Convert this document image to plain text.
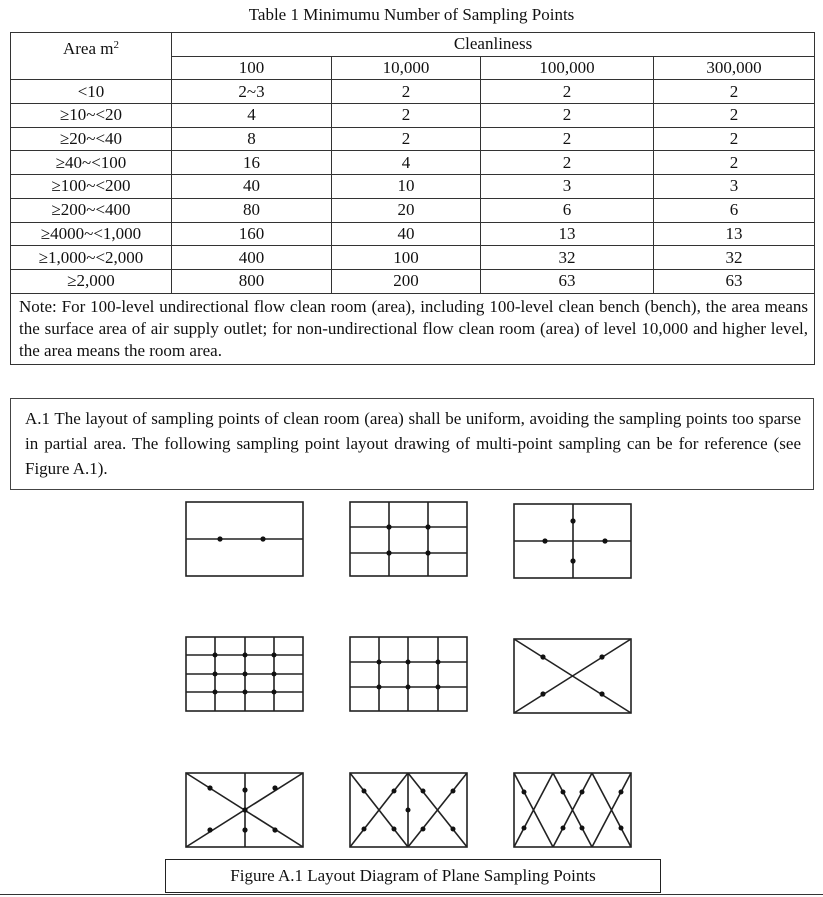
Table 1 Minimumu Number of Sampling Points
Area $m^2$	Cleanliness			
	100	10,000	100,000	300,000
<10	2~3	2	2	2
≥10~<20	4	2	2	2
≥20~<40	8	2	2	2
≥40~<100	16	4	2	2
≥100~<200	40	10	3	3
≥200~<400	80	20	6	6
≥4000~<1,000	160	40	13	13
≥1,000~<2,000	400	100	32	32
≥2,000	800	200	63	63
Note: For 100-level undirectional flow clean room (area), including 100-level clean bench (bench), the area means the surface area of air supply outlet; for non-undirectional flow clean room (area) of level 10,000 and higher level, the area means the room area.				
A.1 The layout of sampling points of clean room (area) shall be uniform, avoiding the sampling points too sparse in partial area. The following sampling point layout drawing of multi-point sampling can be for reference (see Figure A.1).
Figure A.1 Layout Diagram of Plane Sampling Points
